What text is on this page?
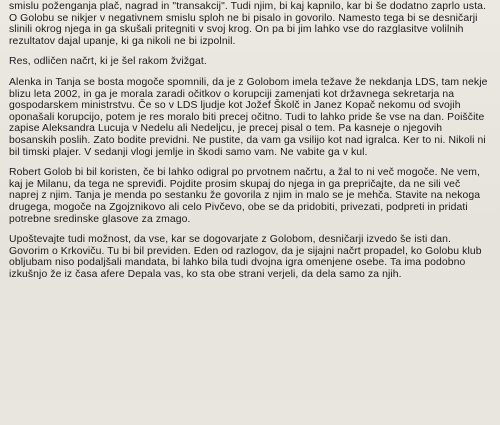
smislu poženganja plač, nagrad in "transakcij". Tudi njim, bi kaj kapnilo, kar bi še dodatno zaprlo usta. O Golobu se nikjer v negativnem smislu sploh ne bi pisalo in govorilo. Namesto tega bi se desničarji slinili okrog njega in ga skušali pritegniti v svoj krog. On pa bi jim lahko vse do razglasitve volilnih rezultatov dajal upanje, ki ga nikoli ne bi izpolnil.

Res, odličen načrt, ki je šel rakom žvižgat.

Alenka in Tanja se bosta mogoče spomnili, da je z Golobom imela težave že nekdanja LDS, tam nekje blizu leta 2002, in ga je morala zaradi očitkov o korupciji zamenjati kot državnega sekretarja na gospodarskem ministrstvu. Če so v LDS ljudje kot Jožef Školč in Janez Kopač nekomu od svojih oponašali korupcijo, potem je res moralo biti precej očitno. Tudi to lahko pride še vse na dan. Poiščite zapise Aleksandra Lucuja v Nedelu ali Nedeljcu, je precej pisal o tem. Pa kasneje o njegovih bosanskih poslih. Zato bodite previdni. Ne pustite, da vam ga vsilijo kot nad igralca. Ker to ni. Nikoli ni bil timski plajer. V sedanji vlogi jemlje in škodi samo vam. Ne vabite ga v kul.

Robert Golob bi bil koristen, če bi lahko odigral po prvotnem načrtu, a žal to ni več mogoče. Ne vem, kaj je Milanu, da tega ne spreviđi. Pojdite prosim skupaj do njega in ga prepričajte, da ne sili več naprej z njim. Tanja je menda po sestanku že govorila z njim in malo se je mehča. Stavite na nekoga drugega, mogoče na Zgojznikovo ali celo Pivčevo, obe se da pridobiti, privezati, podpreti in pridati potrebne sredinske glasove za zmago.

Upoštevajte tudi možnost, da vse, kar se dogovarjate z Golobom, desničarji izvedo še isti dan. Govorim o Krkoviču. Tu bi bil previden. Eden od razlogov, da je sijajni načrt propadel, ko Golobu klub obljubam niso podaljšali mandata, bi lahko bila tudi dvojna igra omenjene osebe. Ta ima podobno izkušnjo že iz časa afere Depala vas, ko sta obe strani verjeli, da dela samo za njih.
